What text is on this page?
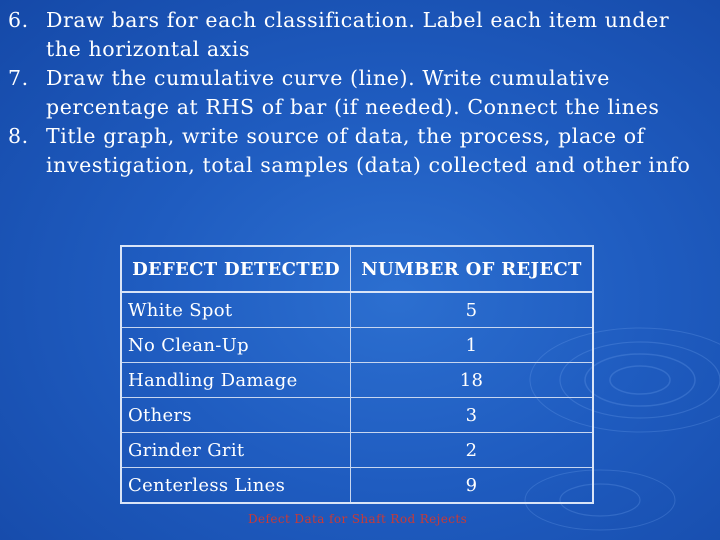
6. Draw bars for each classification. Label each item under the horizontal axis
7. Draw the cumulative curve (line). Write cumulative percentage at RHS of bar (if needed). Connect the lines
8. Title graph, write source of data, the process, place of investigation, total samples (data) collected and other info
DEFECT DETECTED	NUMBER OF REJECT
White Spot	5
No Clean-Up	1
Handling Damage	18
Others	3
Grinder Grit	2
Centerless Lines	9
Defect Data for Shaft Rod Rejects
